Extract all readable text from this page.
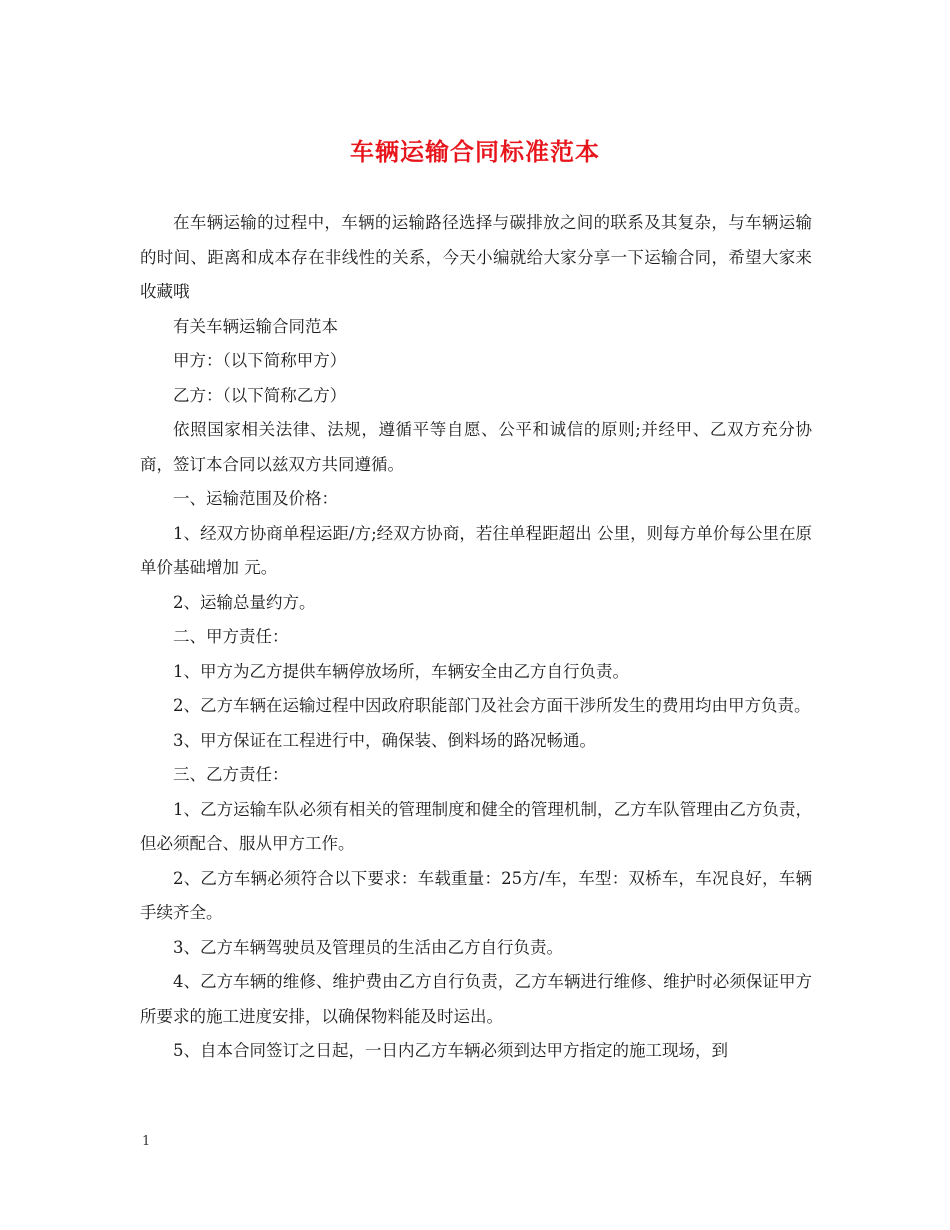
车辆运输合同标准范本

在车辆运输的过程中，车辆的运输路径选择与碳排放之间的联系及其复杂，与车辆运输的时间、距离和成本存在非线性的关系，今天小编就给大家分享一下运输合同，希望大家来收藏哦

有关车辆运输合同范本

甲方：（以下简称甲方）

乙方：（以下简称乙方）

依照国家相关法律、法规，遵循平等自愿、公平和诚信的原则;并经甲、乙双方充分协商，签订本合同以兹双方共同遵循。

一、运输范围及价格：

1、经双方协商单程运距/方;经双方协商，若往单程距超出 公里，则每方单价每公里在原单价基础增加 元。

2、运输总量约方。

二、甲方责任：

1、甲方为乙方提供车辆停放场所，车辆安全由乙方自行负责。

2、乙方车辆在运输过程中因政府职能部门及社会方面干涉所发生的费用均由甲方负责。

3、甲方保证在工程进行中，确保装、倒料场的路况畅通。

三、乙方责任：

1、乙方运输车队必须有相关的管理制度和健全的管理机制，乙方车队管理由乙方负责，但必须配合、服从甲方工作。

2、乙方车辆必须符合以下要求：车载重量：25方/车，车型：双桥车，车况良好，车辆手续齐全。

3、乙方车辆驾驶员及管理员的生活由乙方自行负责。

4、乙方车辆的维修、维护费由乙方自行负责，乙方车辆进行维修、维护时必须保证甲方所要求的施工进度安排，以确保物料能及时运出。

5、自本合同签订之日起，一日内乙方车辆必须到达甲方指定的施工现场，到

1
